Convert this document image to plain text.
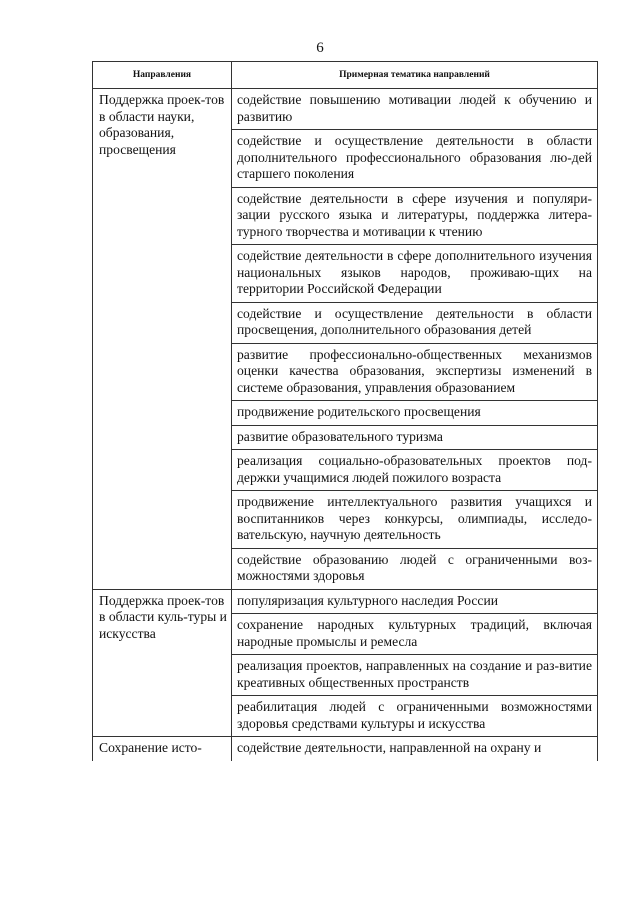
6
Направления	Примерная тематика направлений
Поддержка проек-тов в области науки, образования, просвещения	содействие повышению мотивации людей к обучению и развитию
	содействие и осуществление деятельности в области дополнительного профессионального образования лю-дей старшего поколения
	содействие деятельности в сфере изучения и популяри-зации русского языка и литературы, поддержка литера-турного творчества и мотивации к чтению
	содействие деятельности в сфере дополнительного изучения национальных языков народов, проживаю-щих на территории Российской Федерации
	содействие и осуществление деятельности в области просвещения, дополнительного образования детей
	развитие профессионально-общественных механизмов оценки качества образования, экспертизы изменений в системе образования, управления образованием
	продвижение родительского просвещения
	развитие образовательного туризма
	реализация социально-образовательных проектов под-держки учащимися людей пожилого возраста
	продвижение интеллектуального развития учащихся и воспитанников через конкурсы, олимпиады, исследо-вательскую, научную деятельность
	содействие образованию людей с ограниченными воз-можностями здоровья
Поддержка проек-тов в области куль-туры и искусства	популяризация культурного наследия России
	сохранение народных культурных традиций, включая народные промыслы и ремесла
	реализация проектов, направленных на создание и раз-витие креативных общественных пространств
	реабилитация людей с ограниченными возможностями здоровья средствами культуры и искусства
Сохранение исто-	содействие деятельности, направленной на охрану и
